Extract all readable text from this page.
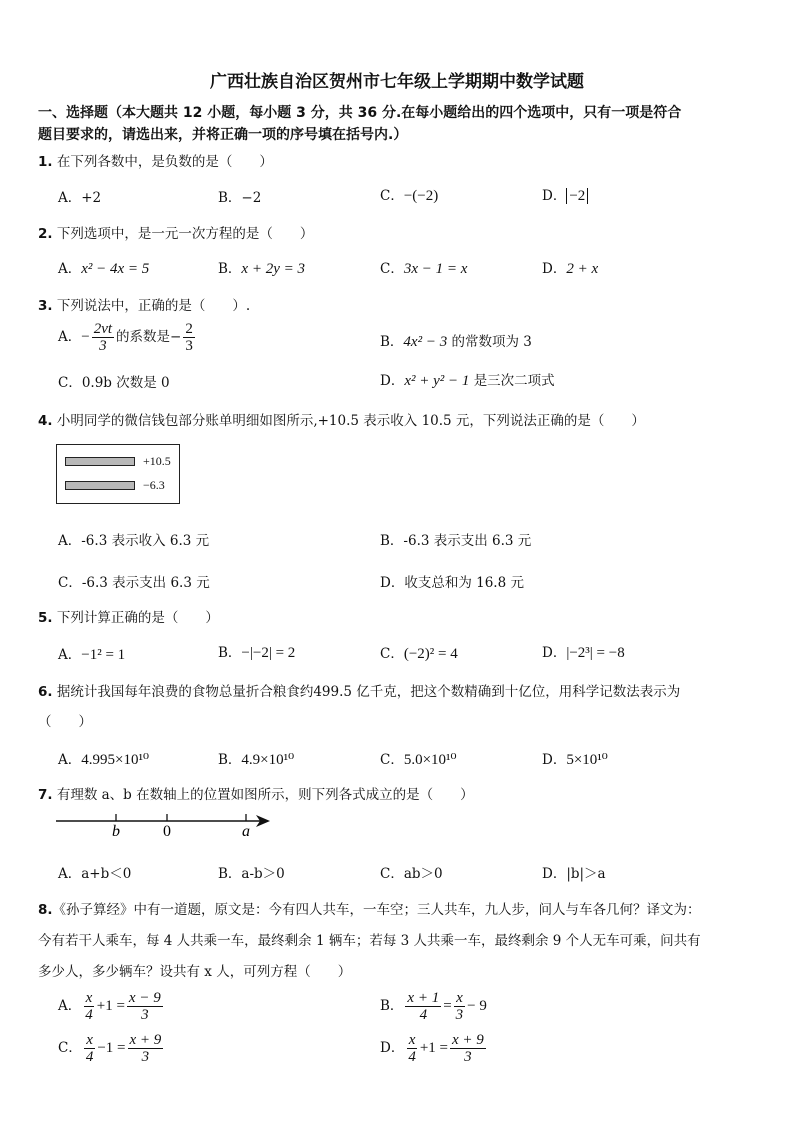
广西壮族自治区贺州市七年级上学期期中数学试题
一、选择题（本大题共 12 小题，每小题 3 分，共 36 分.在每小题给出的四个选项中，只有一项是符合
题目要求的，请选出来，并将正确一项的序号填在括号内.）
1. 在下列各数中，是负数的是（　　）
A．+2	B．−2	C．−(−2)	D． −2
2. 下列选项中，是一元一次方程的是（　　）
A．x² − 4x = 5	B．x + 2y = 3	C．3x − 1 = x	D．2 + x
3. 下列说法中，正确的是（　　）.
A．− $\frac{2vt}{3}$ 的系数是− $\frac{2}{3}$	B．4x² − 3 的常数项为 3
C．0.9b 次数是 0	D．x² + y² − 1 是三次二项式
4. 小明同学的微信钱包部分账单明细如图所示,+10.5 表示收入 10.5 元，下列说法正确的是（　　）
+10.5
−6.3
A．-6.3 表示收入 6.3 元	B．-6.3 表示支出 6.3 元
C．-6.3 表示支出 6.3 元	D．收支总和为 16.8 元
5. 下列计算正确的是（　　）
A．−1² = 1	B．−|−2| = 2	C．(−2)² = 4	D．|−2³| = −8
6. 据统计我国每年浪费的食物总量折合粮食约499.5 亿千克，把这个数精确到十亿位，用科学记数法表示为
（　　）
A．4.995×10¹⁰	B．4.9×10¹⁰	C．5.0×10¹⁰	D．5×10¹⁰
7. 有理数 a、b 在数轴上的位置如图所示，则下列各式成立的是（　　）
b	0	a
A．a+b＜0	B．a-b＞0	C．ab＞0	D．|b|＞a
8.《孙子算经》中有一道题，原文是：今有四人共车，一车空；三人共车，九人步，问人与车各几何？译文为：
今有若干人乘车，每 4 人共乘一车，最终剩余 1 辆车；若每 3 人共乘一车，最终剩余 9 个人无车可乘，问共有
多少人，多少辆车？设共有 x 人，可列方程（　　）
A． $\frac{x}{4} +1 = \frac{x - 9}{3}$	B． $\frac{x + 1}{4} = \frac{x}{3} - 9$
C． $\frac{x}{4} -1 = \frac{x + 9}{3}$	D． $\frac{x}{4} +1 = \frac{x + 9}{3}$
